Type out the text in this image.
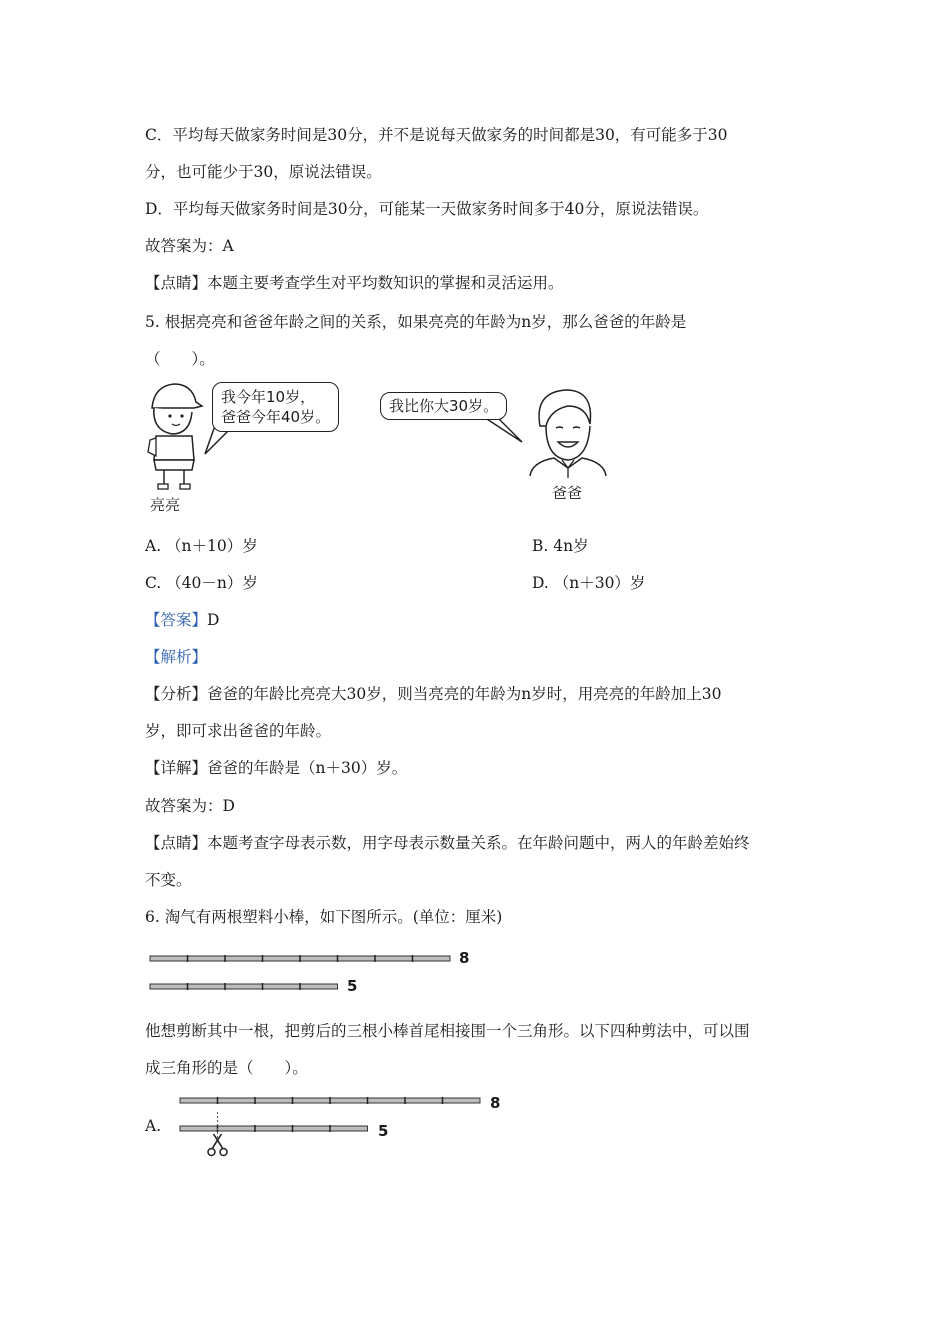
C．平均每天做家务时间是30分，并不是说每天做家务的时间都是30，有可能多于30
分，也可能少于30，原说法错误。
D．平均每天做家务时间是30分，可能某一天做家务时间多于40分，原说法错误。
故答案为：A
【点睛】本题主要考查学生对平均数知识的掌握和灵活运用。
5. 根据亮亮和爸爸年龄之间的关系，如果亮亮的年龄为n岁，那么爸爸的年龄是
（　　）。
我今年10岁，
爸爸今年40岁。
亮亮
我比你大30岁。
爸爸
A. （n＋10）岁	B. 4n岁
C. （40－n）岁	D. （n＋30）岁
【答案】D
【解析】
【分析】爸爸的年龄比亮亮大30岁，则当亮亮的年龄为n岁时，用亮亮的年龄加上30
岁，即可求出爸爸的年龄。
【详解】爸爸的年龄是（n＋30）岁。
故答案为：D
【点睛】本题考查字母表示数，用字母表示数量关系。在年龄问题中，两人的年龄差始终
不变。
6. 淘气有两根塑料小棒，如下图所示。(单位：厘米)
8
5
他想剪断其中一根，把剪后的三根小棒首尾相接围一个三角形。以下四种剪法中，可以围
成三角形的是（　　）。
A.
8
5
